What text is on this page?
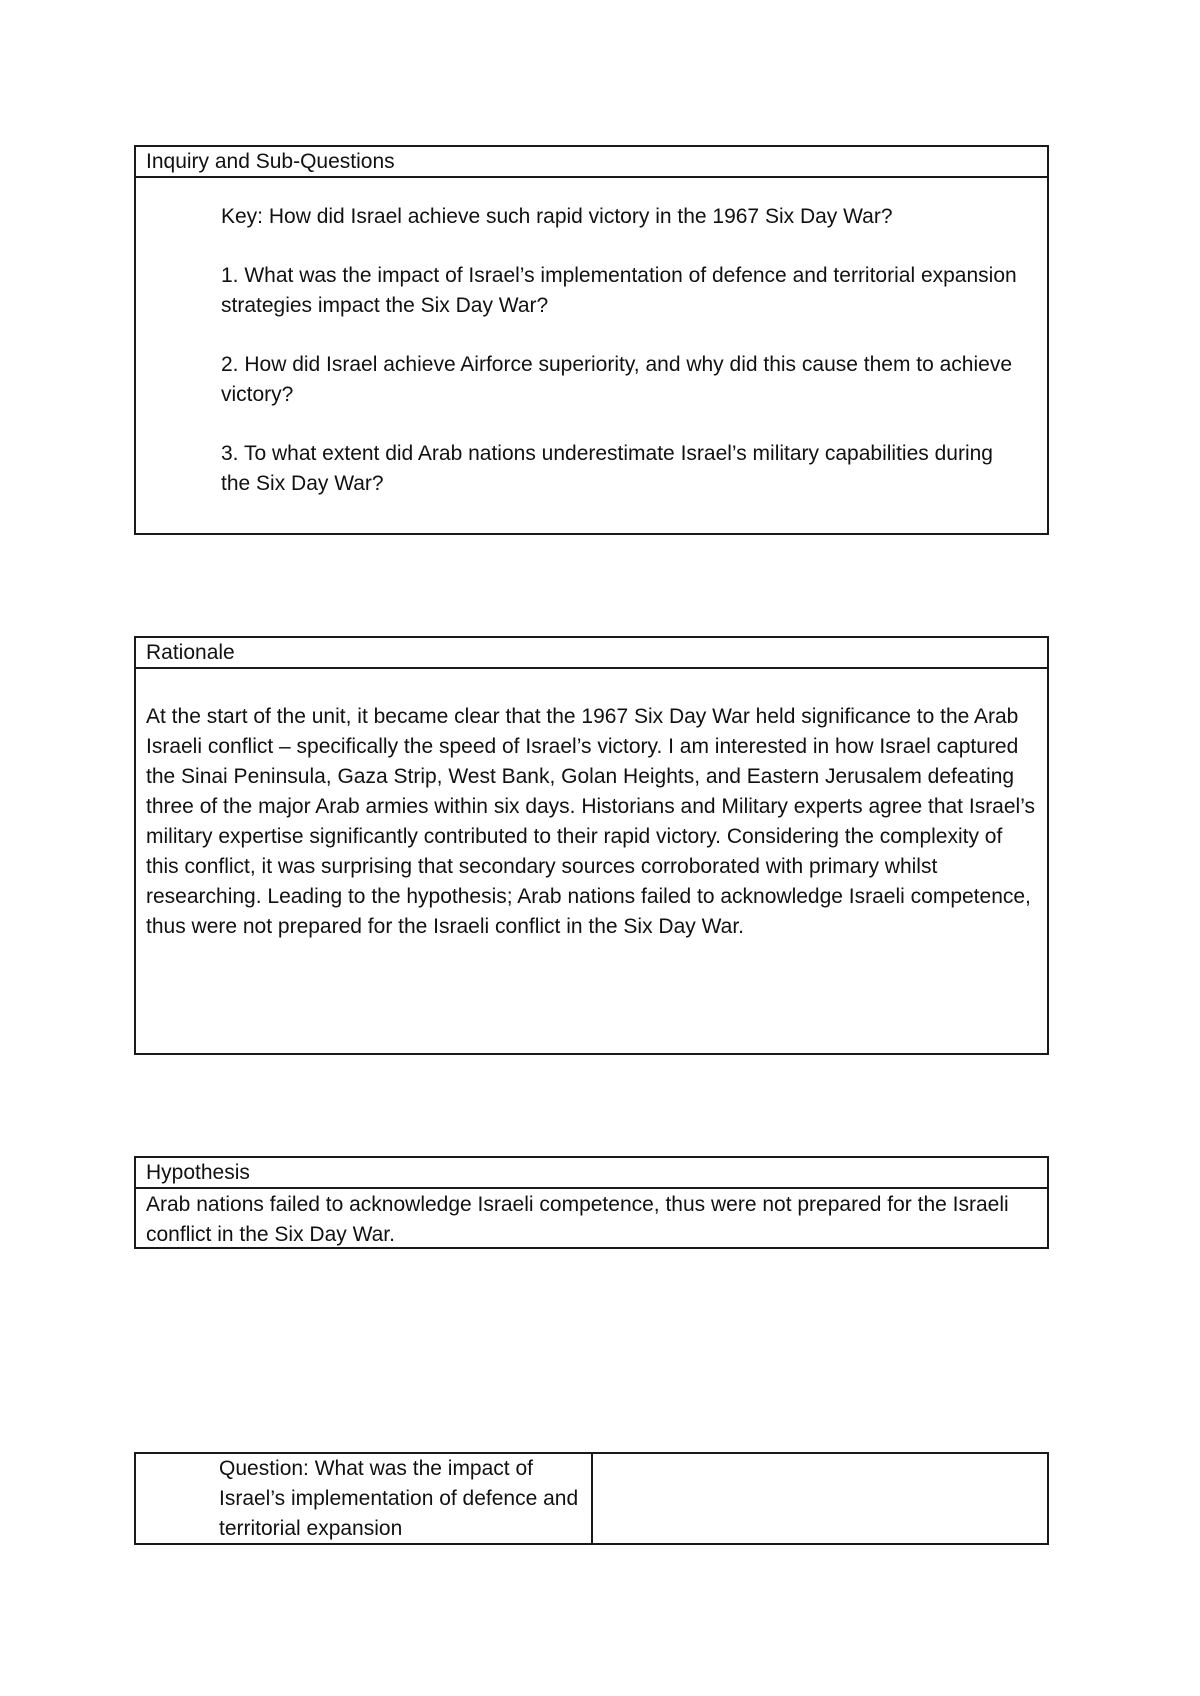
Inquiry and Sub-Questions

Key: How did Israel achieve such rapid victory in the 1967 Six Day War?

1. What was the impact of Israel’s implementation of defence and territorial expansion strategies impact the Six Day War?

2. How did Israel achieve Airforce superiority, and why did this cause them to achieve victory?

3. To what extent did Arab nations underestimate Israel’s military capabilities during the Six Day War?

Rationale

At the start of the unit, it became clear that the 1967 Six Day War held significance to the Arab Israeli conflict – specifically the speed of Israel’s victory. I am interested in how Israel captured the Sinai Peninsula, Gaza Strip, West Bank, Golan Heights, and Eastern Jerusalem defeating three of the major Arab armies within six days. Historians and Military experts agree that Israel’s military expertise significantly contributed to their rapid victory. Considering the complexity of this conflict, it was surprising that secondary sources corroborated with primary whilst researching. Leading to the hypothesis; Arab nations failed to acknowledge Israeli competence, thus were not prepared for the Israeli conflict in the Six Day War.

Hypothesis

Arab nations failed to acknowledge Israeli competence, thus were not prepared for the Israeli conflict in the Six Day War.

Question: What was the impact of Israel’s implementation of defence and territorial expansion
